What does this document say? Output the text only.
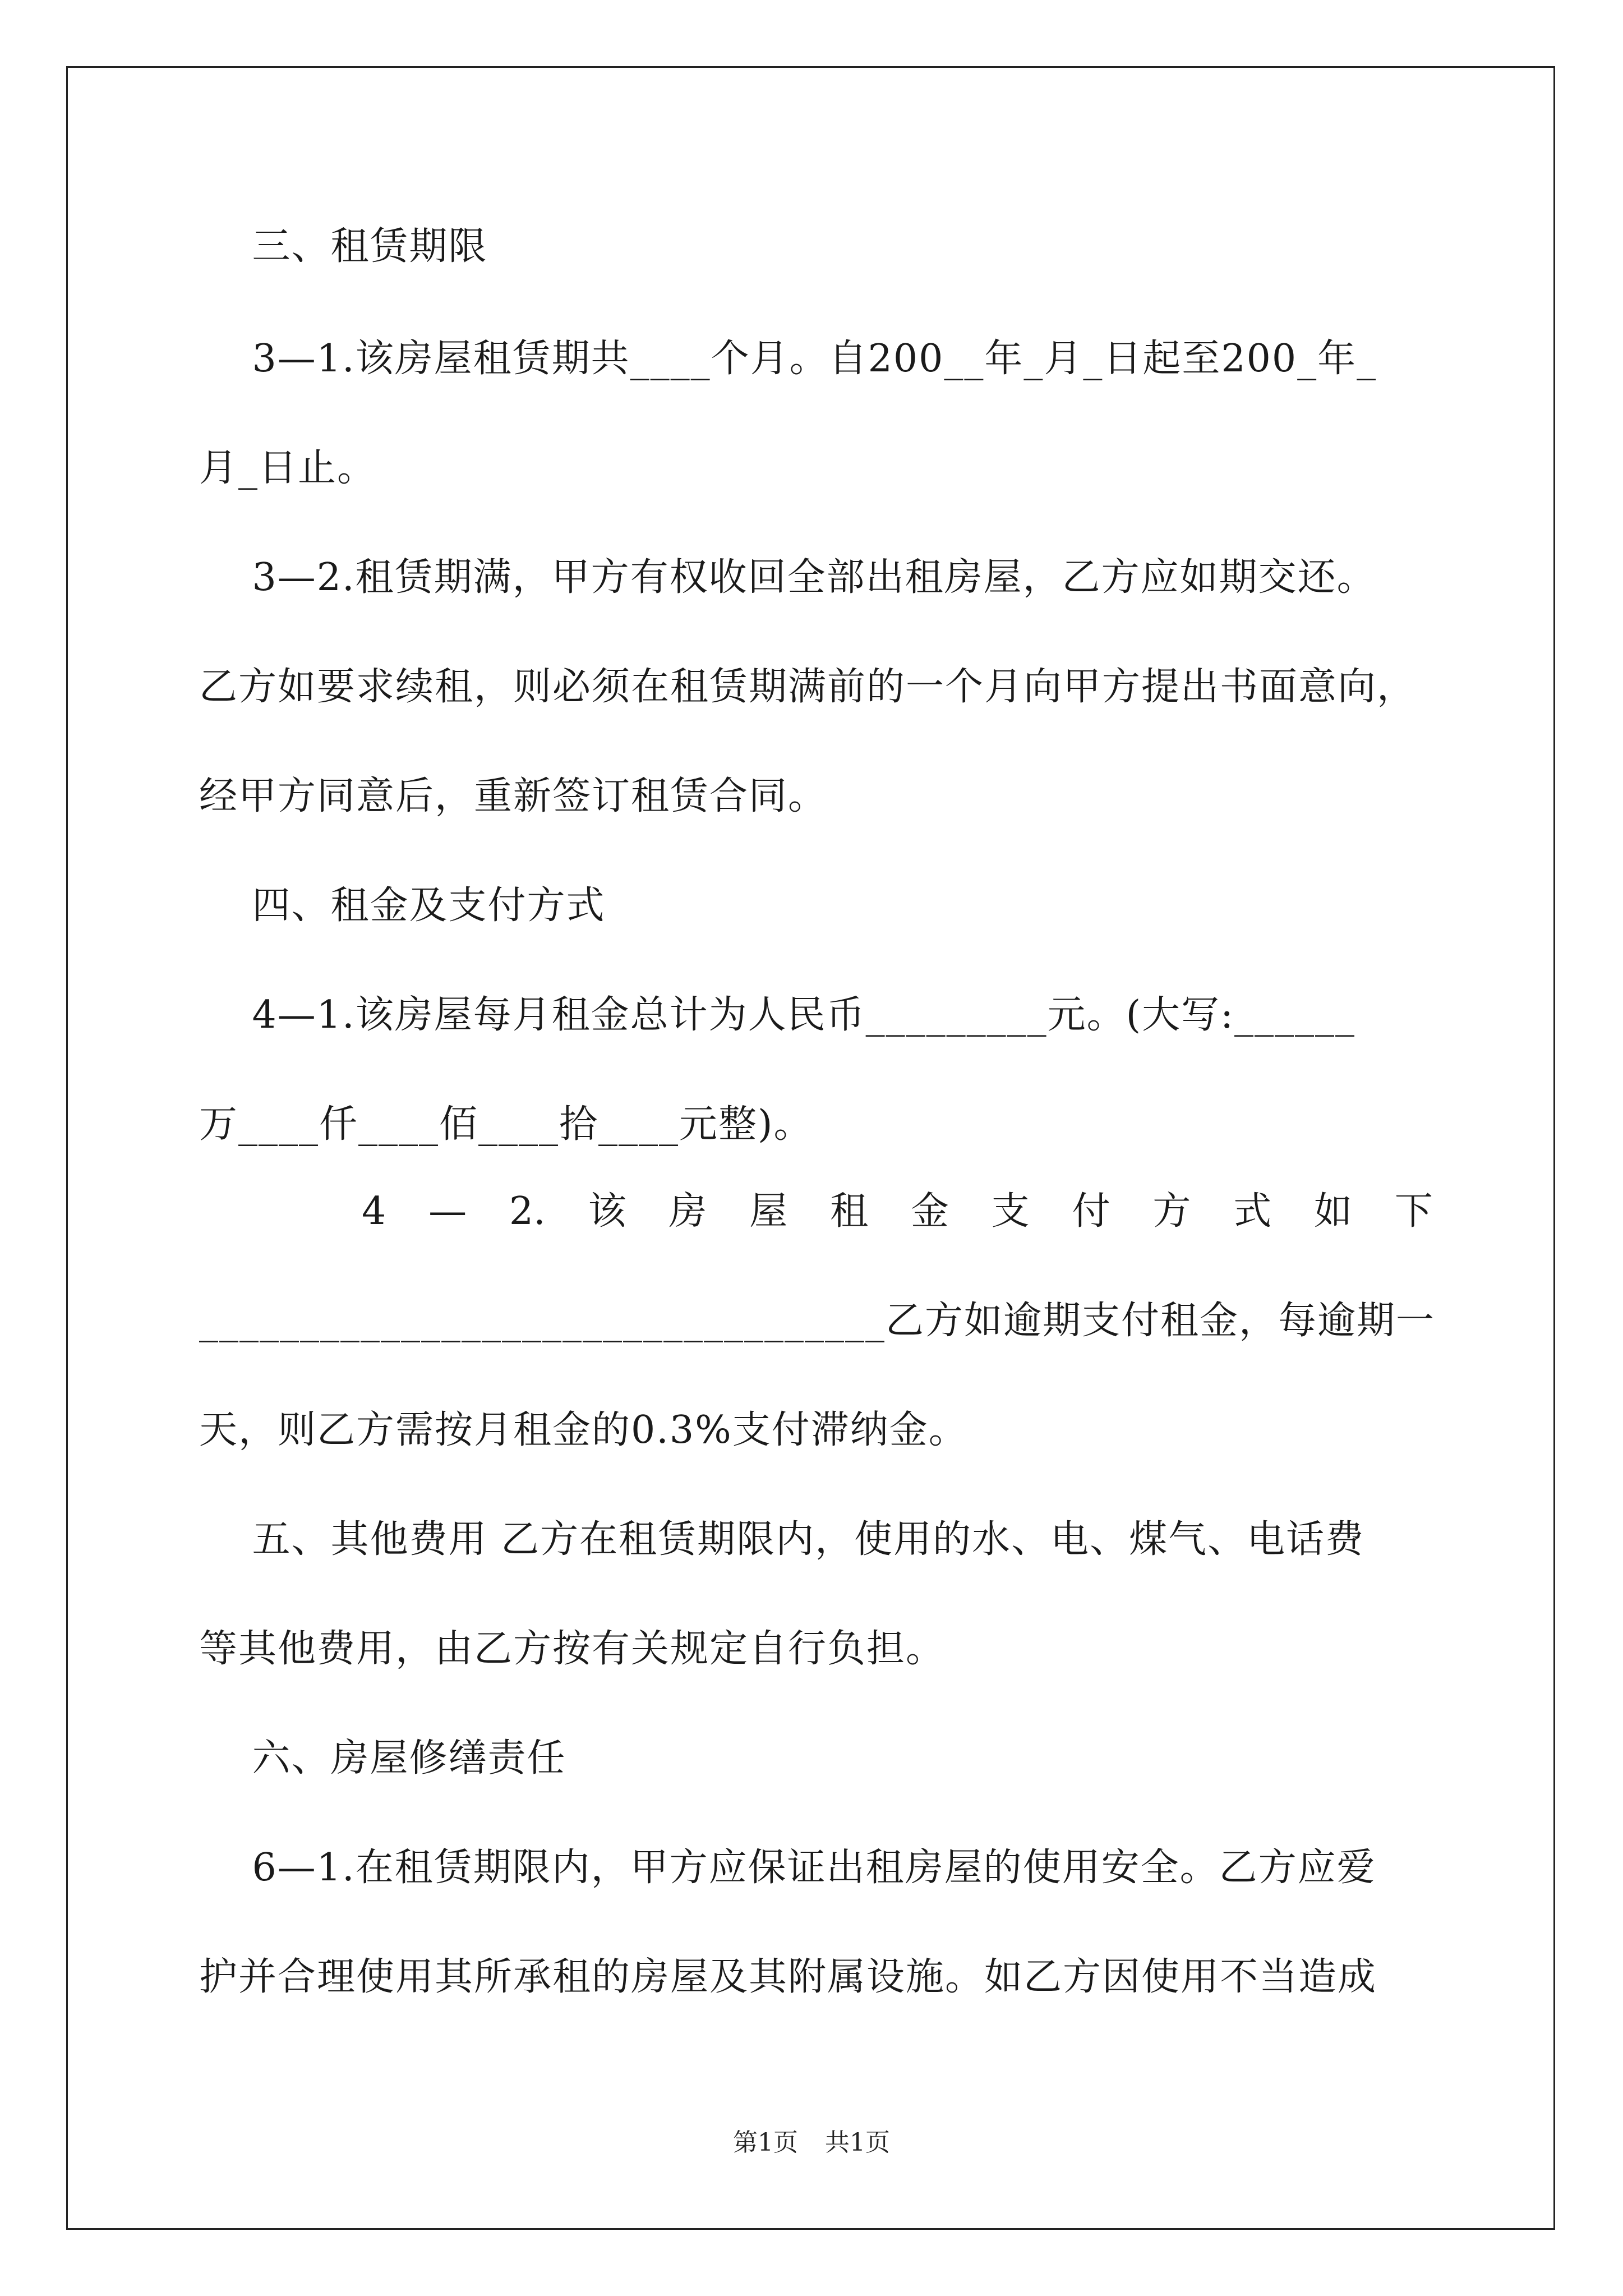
三、租赁期限
3—1.该房屋租赁期共____个月。自200__年_月_日起至200_年_
月_日止。
3—2.租赁期满，甲方有权收回全部出租房屋，乙方应如期交还。
乙方如要求续租，则必须在租赁期满前的一个月向甲方提出书面意向，
经甲方同意后，重新签订租赁合同。
四、租金及支付方式
4—1.该房屋每月租金总计为人民币_________元。(大写:______
万____仟____佰____拾____元整)。
4 — 2. 该 房 屋 租 金 支 付 方 式 如 下
__________________________________乙方如逾期支付租金，每逾期一
天，则乙方需按月租金的0.3%支付滞纳金。
五、其他费用 乙方在租赁期限内，使用的水、电、煤气、电话费
等其他费用，由乙方按有关规定自行负担。
六、房屋修缮责任
6—1.在租赁期限内，甲方应保证出租房屋的使用安全。乙方应爱
护并合理使用其所承租的房屋及其附属设施。如乙方因使用不当造成
第1页 共1页
